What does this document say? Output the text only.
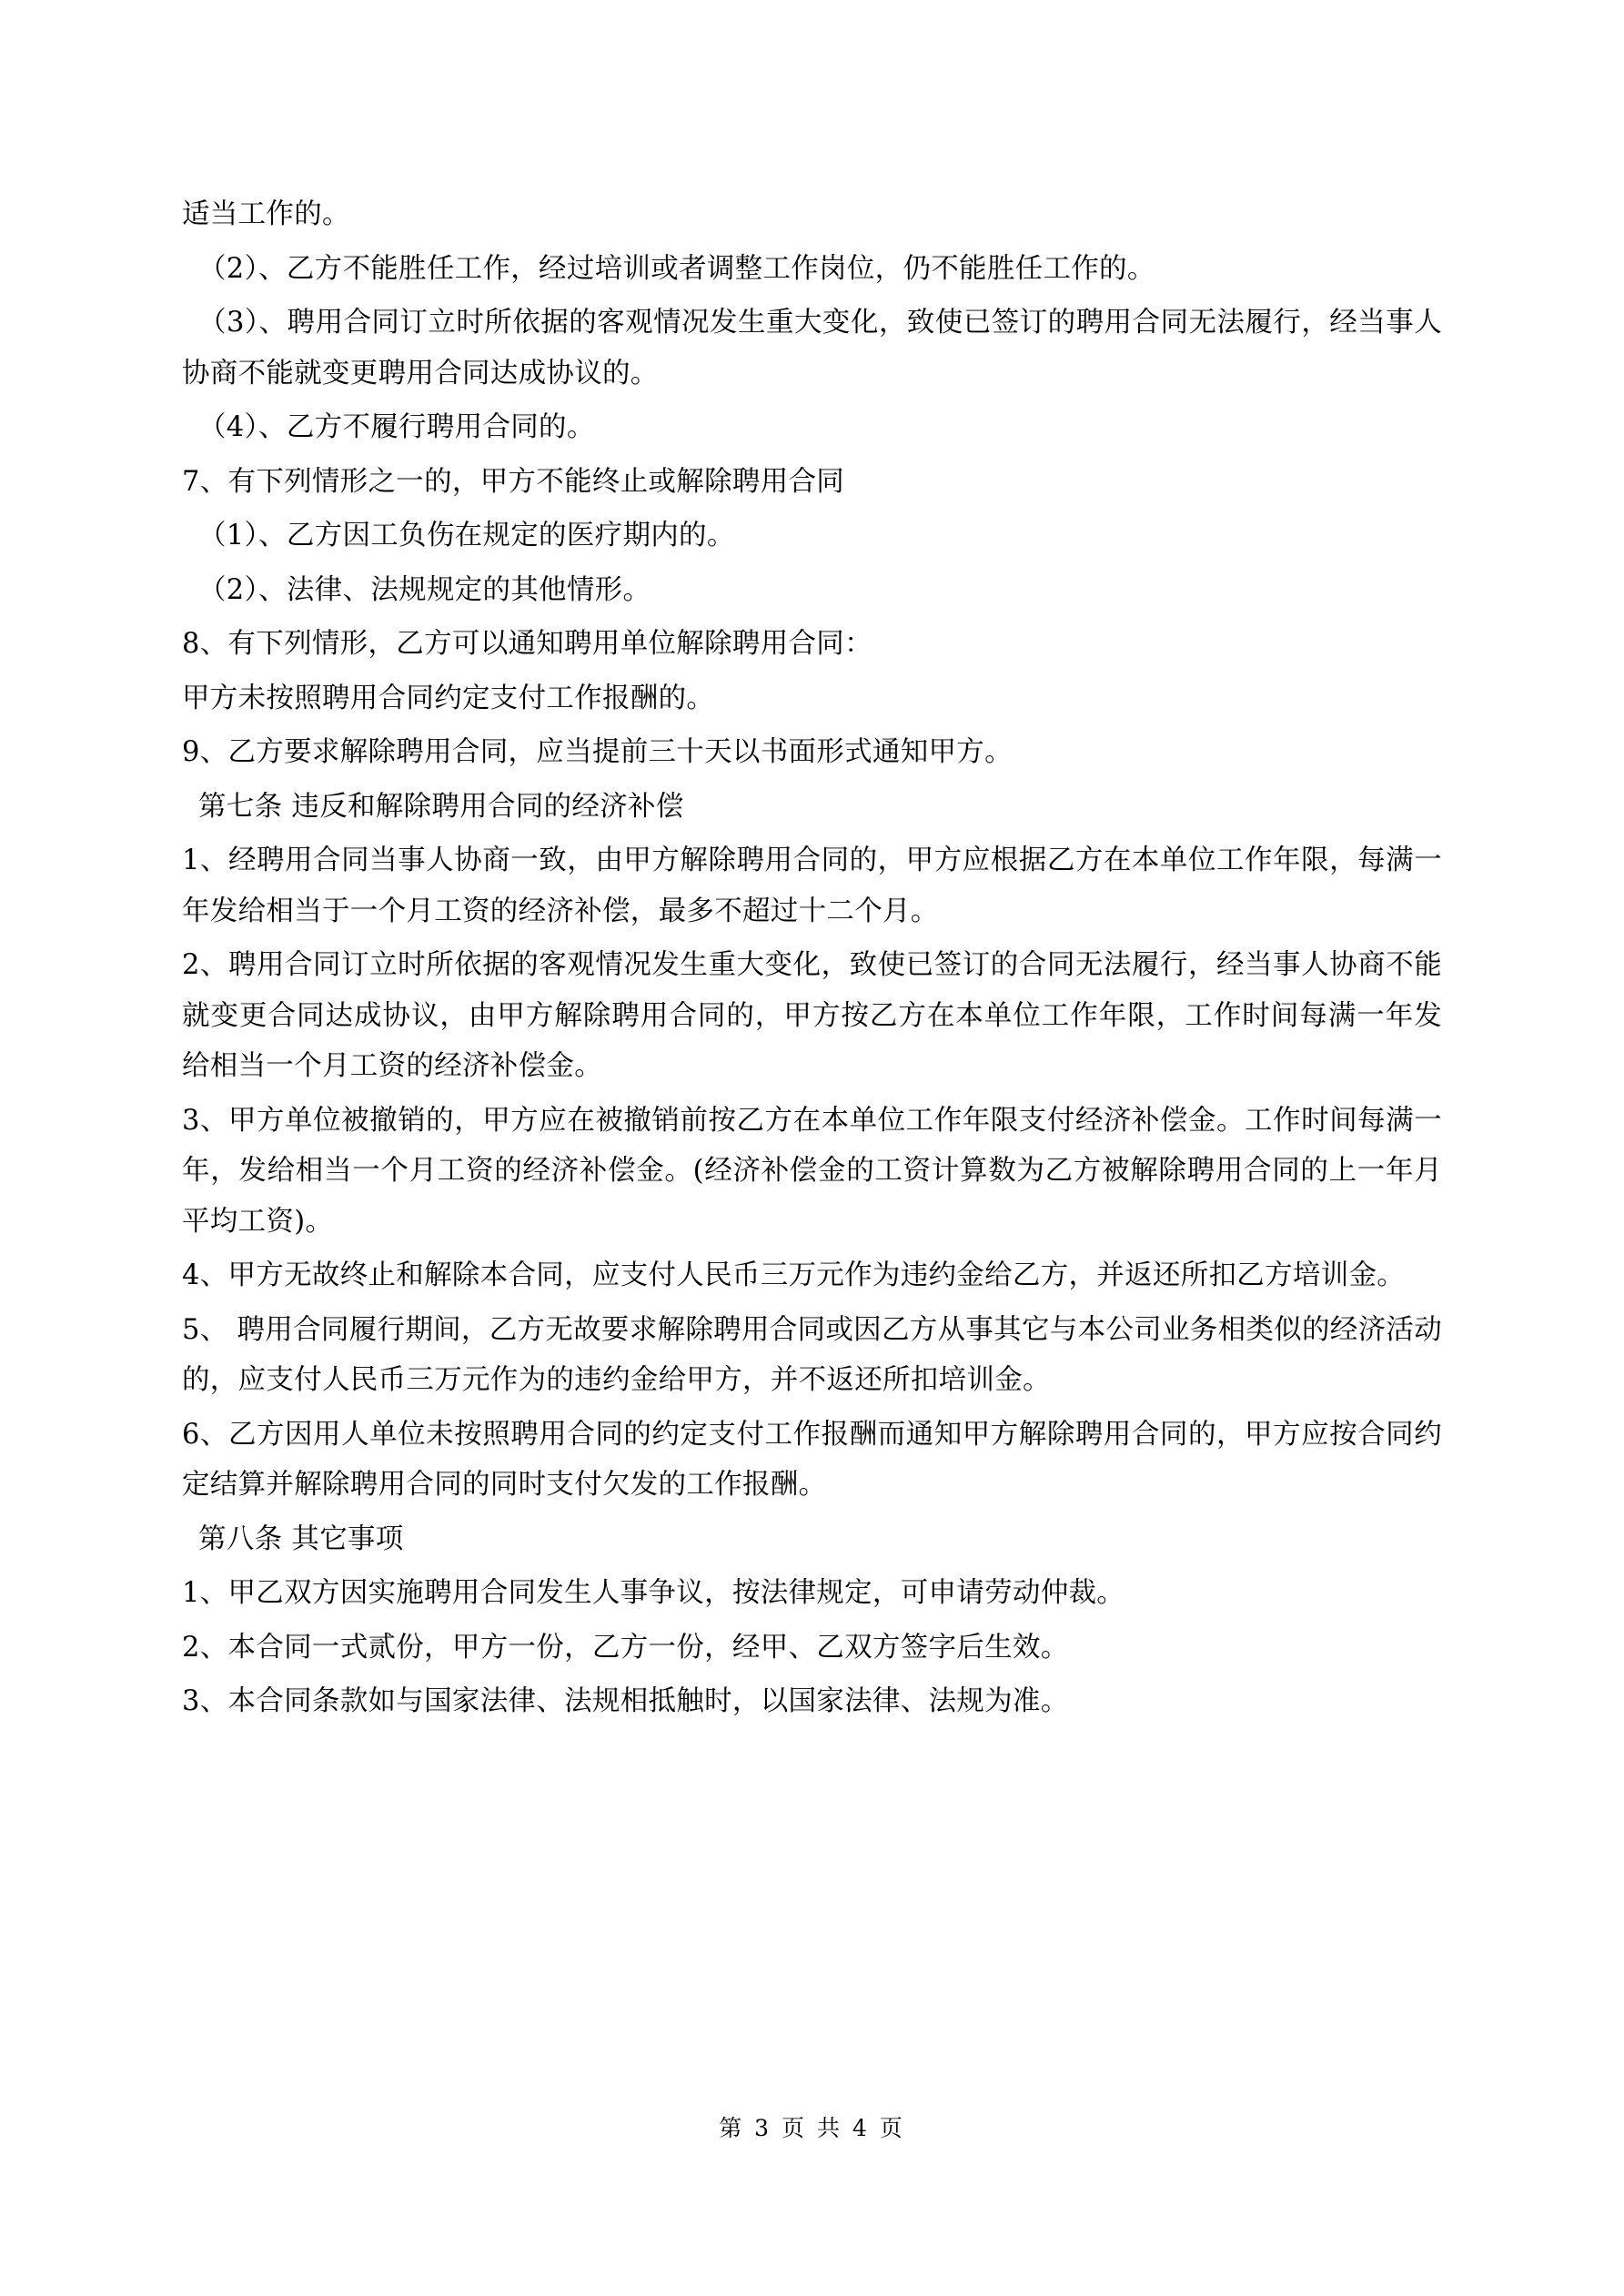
适当工作的。

（2）、乙方不能胜任工作，经过培训或者调整工作岗位，仍不能胜任工作的。

（3）、聘用合同订立时所依据的客观情况发生重大变化，致使已签订的聘用合同无法履行，经当事人协商不能就变更聘用合同达成协议的。

（4）、乙方不履行聘用合同的。

7、有下列情形之一的，甲方不能终止或解除聘用合同

（1）、乙方因工负伤在规定的医疗期内的。

（2）、法律、法规规定的其他情形。

8、有下列情形，乙方可以通知聘用单位解除聘用合同：

甲方未按照聘用合同约定支付工作报酬的。

9、乙方要求解除聘用合同，应当提前三十天以书面形式通知甲方。

第七条 违反和解除聘用合同的经济补偿

1、经聘用合同当事人协商一致，由甲方解除聘用合同的，甲方应根据乙方在本单位工作年限，每满一年发给相当于一个月工资的经济补偿，最多不超过十二个月。

2、聘用合同订立时所依据的客观情况发生重大变化，致使已签订的合同无法履行，经当事人协商不能就变更合同达成协议，由甲方解除聘用合同的，甲方按乙方在本单位工作年限，工作时间每满一年发给相当一个月工资的经济补偿金。

3、甲方单位被撤销的，甲方应在被撤销前按乙方在本单位工作年限支付经济补偿金。工作时间每满一年，发给相当一个月工资的经济补偿金。(经济补偿金的工资计算数为乙方被解除聘用合同的上一年月平均工资)。

4、甲方无故终止和解除本合同，应支付人民币三万元作为违约金给乙方，并返还所扣乙方培训金。

5、 聘用合同履行期间，乙方无故要求解除聘用合同或因乙方从事其它与本公司业务相类似的经济活动的，应支付人民币三万元作为的违约金给甲方，并不返还所扣培训金。

6、乙方因用人单位未按照聘用合同的约定支付工作报酬而通知甲方解除聘用合同的，甲方应按合同约定结算并解除聘用合同的同时支付欠发的工作报酬。

第八条 其它事项

1、甲乙双方因实施聘用合同发生人事争议，按法律规定，可申请劳动仲裁。

2、本合同一式贰份，甲方一份，乙方一份，经甲、乙双方签字后生效。

3、本合同条款如与国家法律、法规相抵触时，以国家法律、法规为准。

第 3 页 共 4 页
